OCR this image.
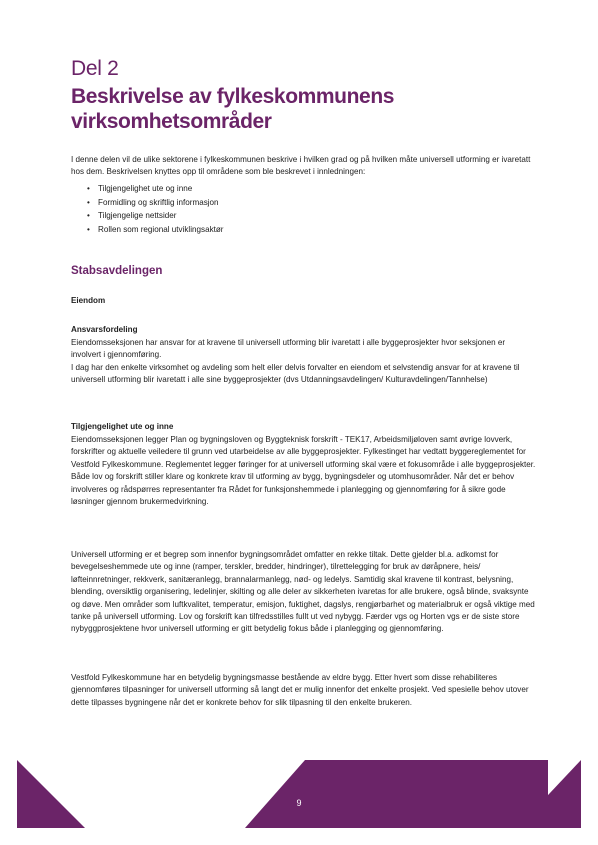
Del 2
Beskrivelse av fylkeskommunens virksomhetsområder
I denne delen vil de ulike sektorene i fylkeskommunen beskrive i hvilken grad og på hvilken måte universell utforming er ivaretatt hos dem. Beskrivelsen knyttes opp til områdene som ble beskrevet i innledningen:
• Tilgjengelighet ute og inne
• Formidling og skriftlig informasjon
• Tilgjengelige nettsider
• Rollen som regional utviklingsaktør
Stabsavdelingen
Eiendom
Ansvarsfordeling

Eiendomsseksjonen har ansvar for at kravene til universell utforming blir ivaretatt i alle byggeprosjekter hvor seksjonen er involvert i gjennomføring.

I dag har den enkelte virksomhet og avdeling som helt eller delvis forvalter en eiendom et selvstendig ansvar for at kravene til universell utforming blir ivaretatt i alle sine byggeprosjekter (dvs Utdanningsavdelingen/ Kulturavdelingen/Tannhelse)

Tilgjengelighet ute og inne

Eiendomsseksjonen legger Plan og bygningsloven og Byggteknisk forskrift - TEK17, Arbeidsmiljøloven samt øvrige lovverk, forskrifter og aktuelle veiledere til grunn ved utarbeidelse av alle byggeprosjekter. Fylkestinget har vedtatt byggereglementet for Vestfold Fylkeskommune. Reglementet legger føringer for at universell utforming skal være et fokusområde i alle byggeprosjekter. Både lov og forskrift stiller klare og konkrete krav til utforming av bygg, bygningsdeler og utomhusområder. Når det er behov involveres og rådspørres representanter fra Rådet for funksjonshemmede i planlegging og gjennomføring for å sikre gode løsninger gjennom brukermedvirkning.

Universell utforming er et begrep som innenfor bygningsområdet omfatter en rekke tiltak. Dette gjelder bl.a. adkomst for bevegelseshemmede ute og inne (ramper, terskler, bredder, hindringer), tilrettelegging for bruk av døråpnere, heis/ løfteinnretninger, rekkverk, sanitæranlegg, brannalarmanlegg, nød- og ledelys. Samtidig skal kravene til kontrast, belysning, blending, oversiktlig organisering, ledelinjer, skilting og alle deler av sikkerheten ivaretas for alle brukere, også blinde, svaksynte og døve. Men områder som luftkvalitet, temperatur, emisjon, fuktighet, dagslys, rengjørbarhet og materialbruk er også viktige med tanke på universell utforming. Lov og forskrift kan tilfredsstilles fullt ut ved nybygg. Færder vgs og Horten vgs er de siste store nybyggprosjektene hvor universell utforming er gitt betydelig fokus både i planlegging og gjennomføring.

Vestfold Fylkeskommune har en betydelig bygningsmasse bestående av eldre bygg. Etter hvert som disse rehabiliteres gjennomføres tilpasninger for universell utforming så langt det er mulig innenfor det enkelte prosjekt. Ved spesielle behov utover dette tilpasses bygningene når det er konkrete behov for slik tilpasning til den enkelte brukeren.

9
